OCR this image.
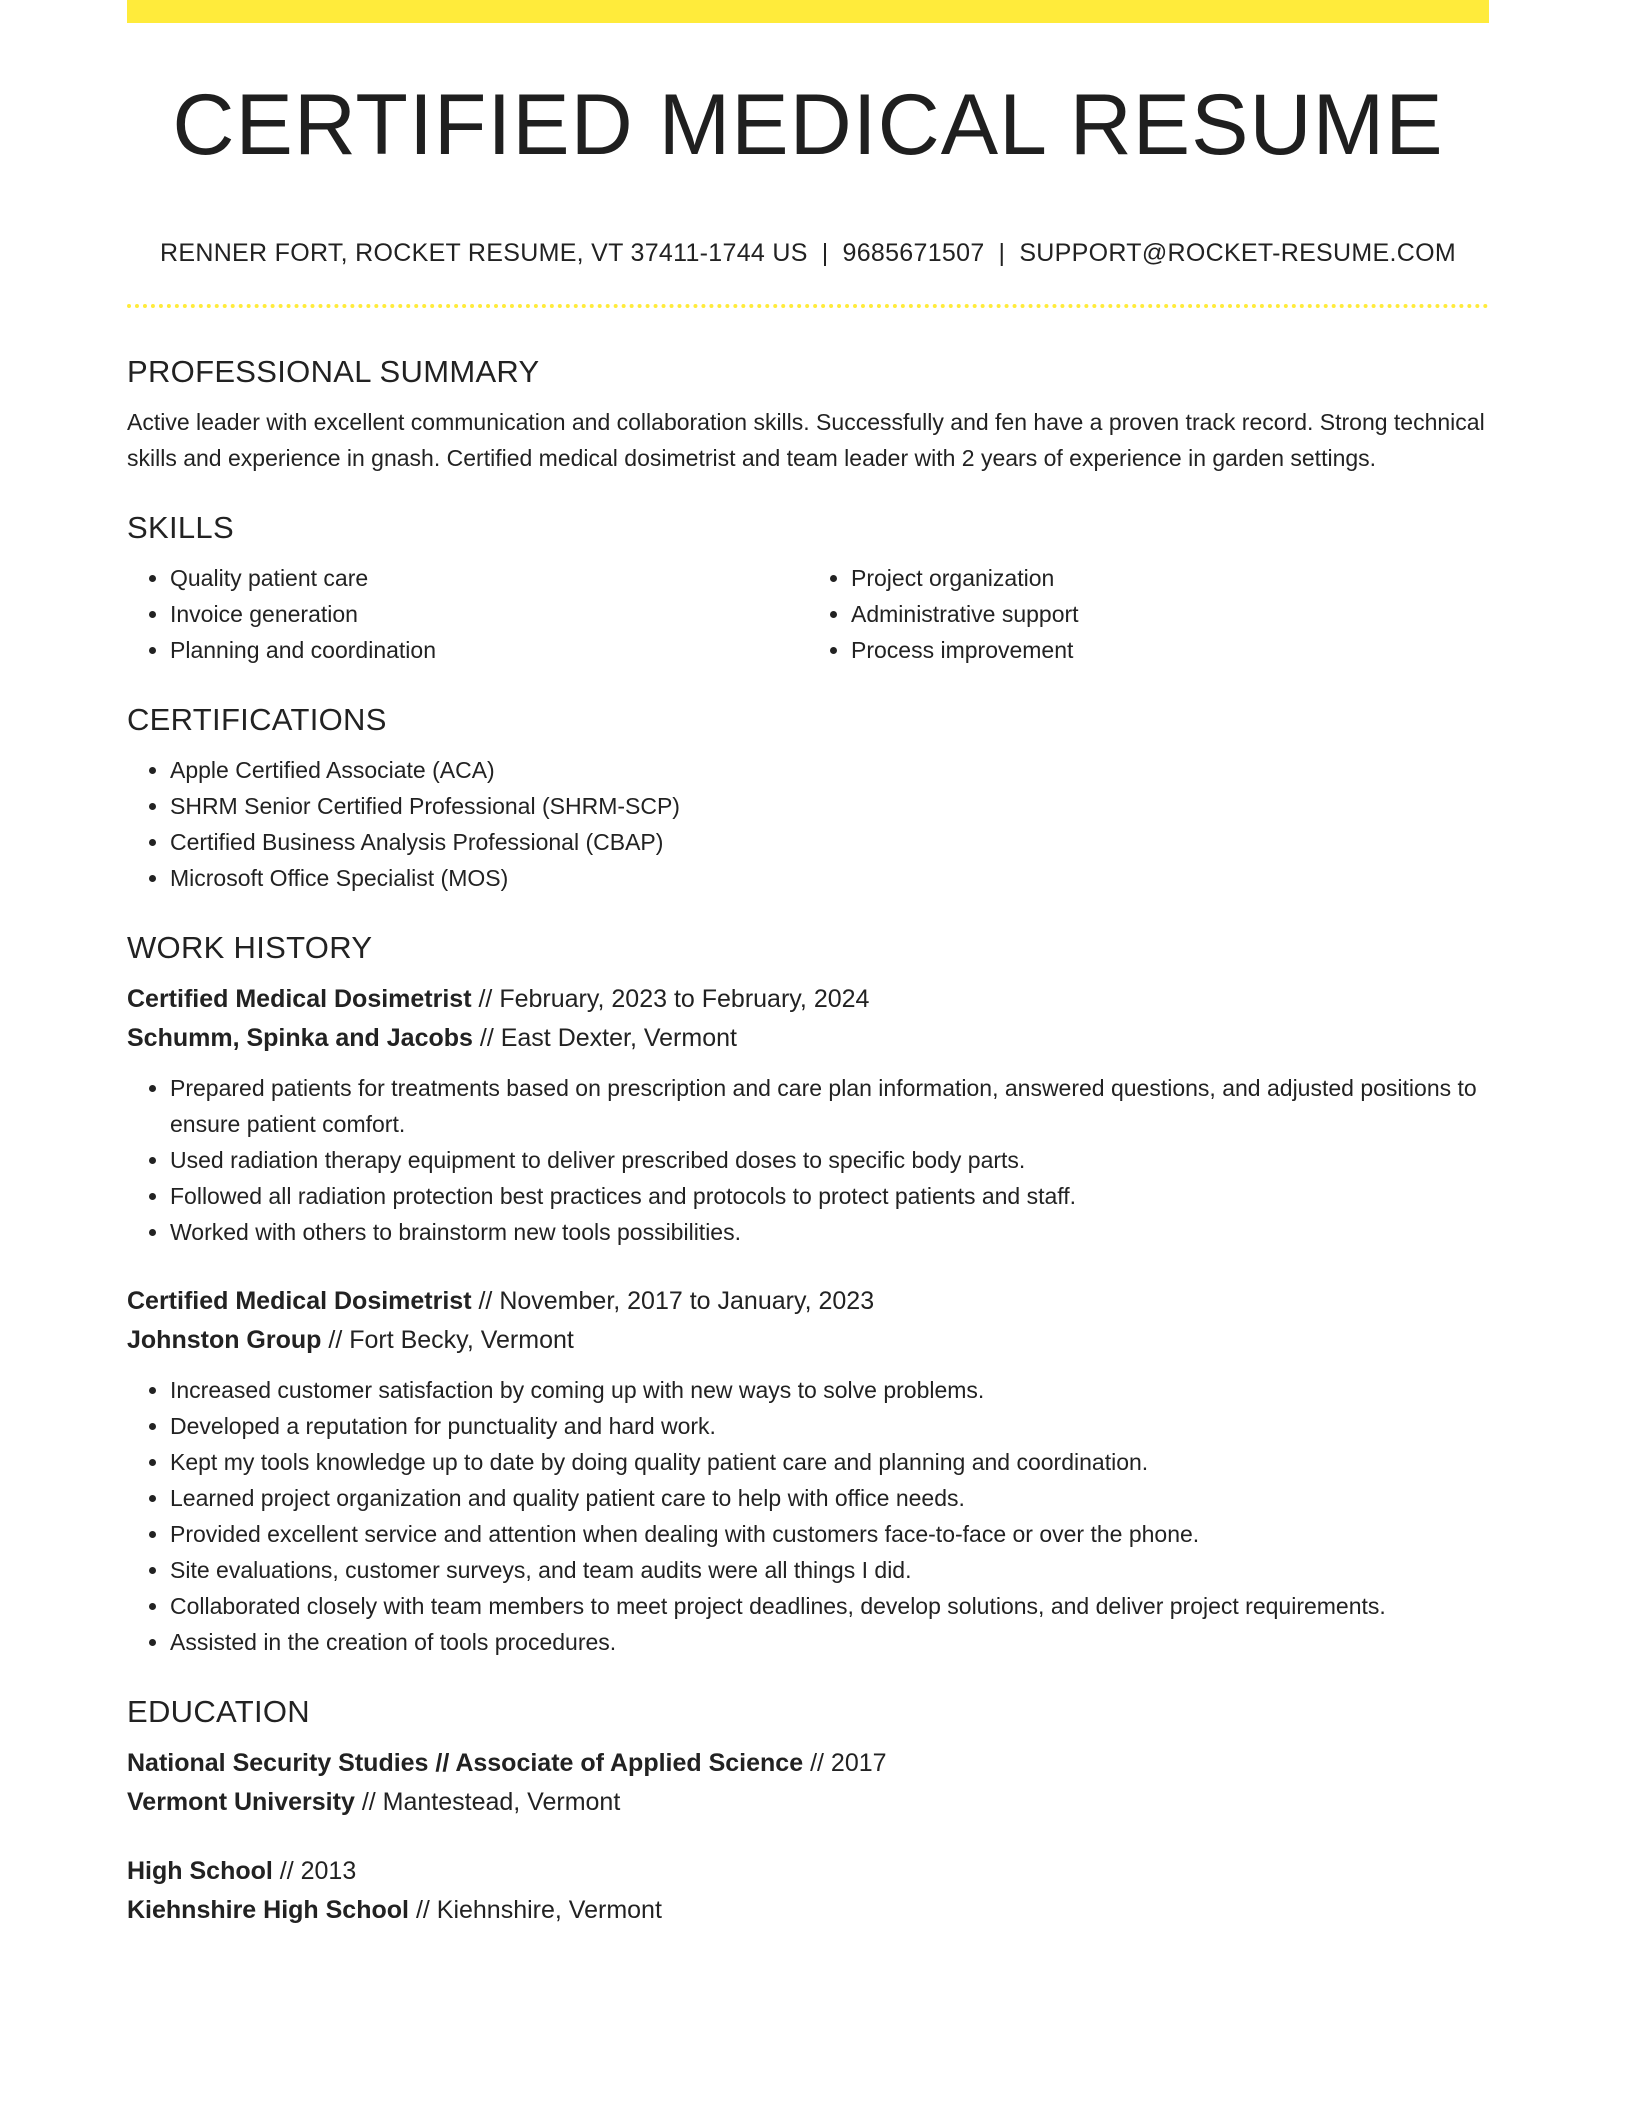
CERTIFIED MEDICAL RESUME
RENNER FORT, ROCKET RESUME, VT 37411-1744 US | 9685671507 | SUPPORT@ROCKET-RESUME.COM
PROFESSIONAL SUMMARY

Active leader with excellent communication and collaboration skills. Successfully and fen have a proven track record. Strong technical skills and experience in gnash. Certified medical dosimetrist and team leader with 2 years of experience in garden settings.

SKILLS
• Quality patient care
• Invoice generation
• Planning and coordination
• Project organization
• Administrative support
• Process improvement
CERTIFICATIONS
• Apple Certified Associate (ACA)
• SHRM Senior Certified Professional (SHRM-SCP)
• Certified Business Analysis Professional (CBAP)
• Microsoft Office Specialist (MOS)
WORK HISTORY
Certified Medical Dosimetrist // February, 2023 to February, 2024
Schumm, Spinka and Jacobs // East Dexter, Vermont
• Prepared patients for treatments based on prescription and care plan information, answered questions, and adjusted positions to ensure patient comfort.
• Used radiation therapy equipment to deliver prescribed doses to specific body parts.
• Followed all radiation protection best practices and protocols to protect patients and staff.
• Worked with others to brainstorm new tools possibilities.
Certified Medical Dosimetrist // November, 2017 to January, 2023
Johnston Group // Fort Becky, Vermont
• Increased customer satisfaction by coming up with new ways to solve problems.
• Developed a reputation for punctuality and hard work.
• Kept my tools knowledge up to date by doing quality patient care and planning and coordination.
• Learned project organization and quality patient care to help with office needs.
• Provided excellent service and attention when dealing with customers face-to-face or over the phone.
• Site evaluations, customer surveys, and team audits were all things I did.
• Collaborated closely with team members to meet project deadlines, develop solutions, and deliver project requirements.
• Assisted in the creation of tools procedures.
EDUCATION
National Security Studies // Associate of Applied Science // 2017
Vermont University // Mantestead, Vermont
High School // 2013
Kiehnshire High School // Kiehnshire, Vermont
